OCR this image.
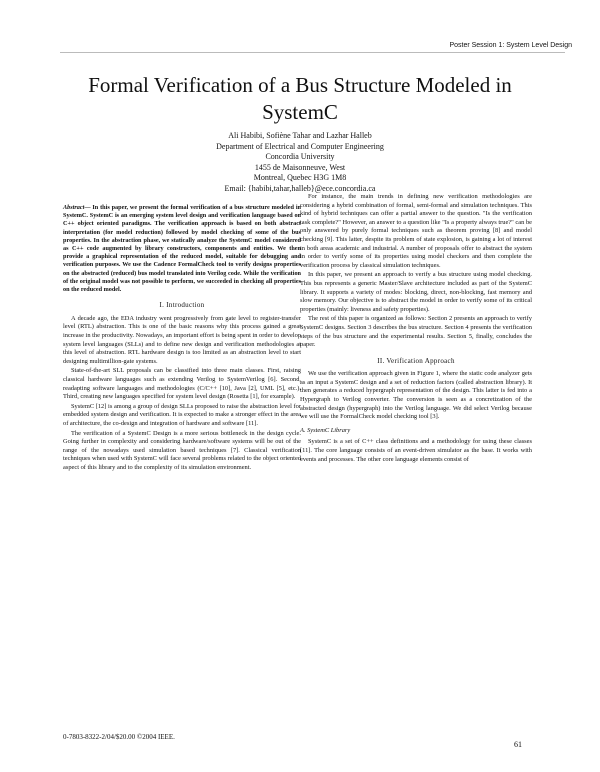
Poster Session 1: System Level Design
Formal Verification of a Bus Structure Modeled in SystemC
Ali Habibi, Sofiène Tahar and Lazhar Halleb
Department of Electrical and Computer Engineering
Concordia University
1455 de Maisonneuve, West
Montreal, Quebec H3G 1M8
Email: {habibi,tahar,halleb}@ece.concordia.ca

Abstract— In this paper, we present the formal verification of a bus structure modeled in SystemC. SystemC is an emerging system level design and verification language based on C++ object oriented paradigms. The verification approach is based on both abstract interpretation (for model reduction) followed by model checking of some of the bus properties. In the abstraction phase, we statically analyze the SystemC model considered as C++ code augmented by library constructors, components and entities. We then provide a graphical representation of the reduced model, suitable for debugging and verification purposes. We use the Cadence FormalCheck tool to verify designs properties on the abstracted (reduced) bus model translated into Verilog code. While the verification of the original model was not possible to perform, we succeeded in checking all properties on the reduced model.

I. Introduction

A decade ago, the EDA industry went progressively from gate level to register-transfer level (RTL) abstraction. This is one of the basic reasons why this process gained a great increase in the productivity. Nowadays, an important effort is being spent in order to develop system level languages (SLLs) and to define new design and verification methodologies at this level of abstraction. RTL hardware design is too limited as an abstraction level to start designing multimillion-gate systems.

State-of-the-art SLL proposals can be classified into three main classes. First, raising classical hardware languages such as extending Verilog to SystemVerilog [6]. Second, readapting software languages and methodologies (C/C++ [10], Java [2], UML [5], etc.). Third, creating new languages specified for system level design (Rosetta [1], for example).

SystemC [12] is among a group of design SLLs proposed to raise the abstraction level for embedded system design and verification. It is expected to make a stronger effect in the area of architecture, the co-design and integration of hardware and software [11].

The verification of a SystemC Design is a more serious bottleneck in the design cycle. Going further in complexity and considering hardware/software systems will be out of the range of the nowadays used simulation based techniques [7]. Classical verification techniques when used with SystemC will face several problems related to the object oriented aspect of this library and to the complexity of its simulation environment.

For instance, the main trends in defining new verification methodologies are considering a hybrid combination of formal, semi-formal and simulation techniques. This kind of hybrid techniques can offer a partial answer to the question. "Is the verification task complete?" However, an answer to a question like "Is a property always true?" can be only answered by purely formal techniques such as theorem proving [8] and model checking [9]. This latter, despite its problem of state explosion, is gaining a lot of interest in both areas academic and industrial. A number of proposals offer to abstract the system in order to verify some of its properties using model checkers and then complete the verification process by classical simulation techniques.

In this paper, we present an approach to verify a bus structure using model checking. This bus represents a generic Master/Slave architecture included as part of the SystemC library. It supports a variety of modes: blocking, direct, non-blocking, fast memory and slow memory. Our objective is to abstract the model in order to verify some of its critical properties (mainly: liveness and safety properties).

The rest of this paper is organized as follows: Section 2 presents an approach to verify SystemC designs. Section 3 describes the bus structure. Section 4 presents the verification steps of the bus structure and the experimental results. Section 5, finally, concludes the paper.

II. Verification Approach

We use the verification approach given in Figure 1, where the static code analyzer gets as an input a SystemC design and a set of reduction factors (called abstraction library). It then generates a reduced hypergraph representation of the design. This latter is fed into a Hypergraph to Verilog converter. The conversion is seen as a concretization of the abstracted design (hypergraph) into the Verilog language. We did select Verilog because we will use the FormalCheck model checking tool [3].

A. SystemC Library

SystemC is a set of C++ class definitions and a methodology for using these classes [11]. The core language consists of an event-driven simulator as the base. It works with events and processes. The other core language elements consist of

0-7803-8322-2/04/$20.00 ©2004 IEEE.
61
